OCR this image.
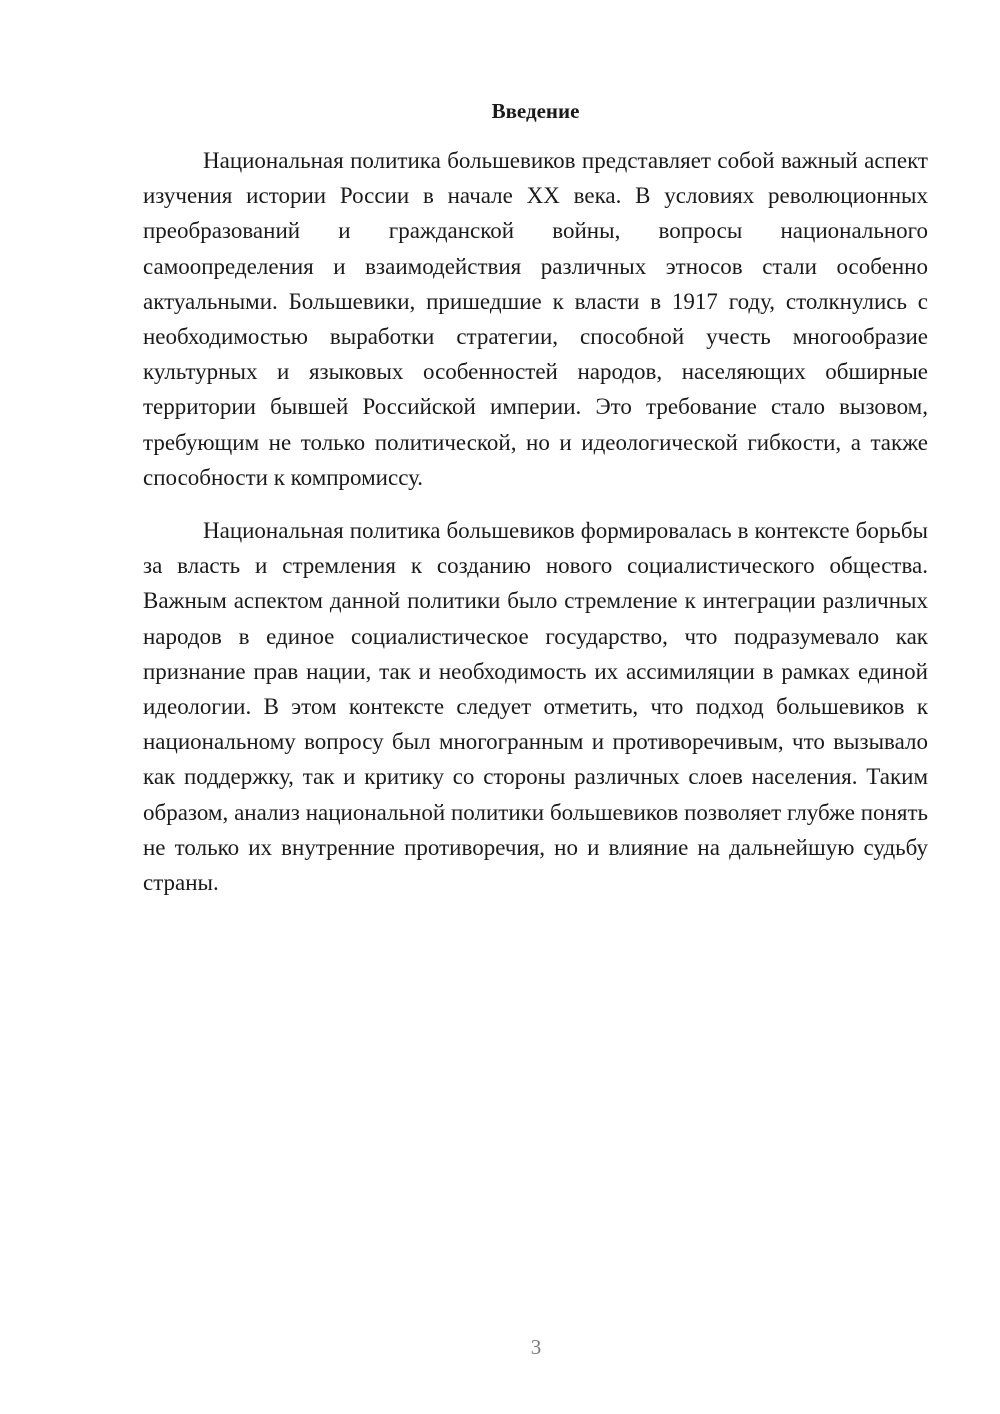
Введение

Национальная политика большевиков представляет собой важный аспект изучения истории России в начале XX века. В условиях революционных преобразований и гражданской войны, вопросы национального самоопределения и взаимодействия различных этносов стали особенно актуальными. Большевики, пришедшие к власти в 1917 году, столкнулись с необходимостью выработки стратегии, способной учесть многообразие культурных и языковых особенностей народов, населяющих обширные территории бывшей Российской империи. Это требование стало вызовом, требующим не только политической, но и идеологической гибкости, а также способности к компромиссу.

Национальная политика большевиков формировалась в контексте борьбы за власть и стремления к созданию нового социалистического общества. Важным аспектом данной политики было стремление к интеграции различных народов в единое социалистическое государство, что подразумевало как признание прав нации, так и необходимость их ассимиляции в рамках единой идеологии. В этом контексте следует отметить, что подход большевиков к национальному вопросу был многогранным и противоречивым, что вызывало как поддержку, так и критику со стороны различных слоев населения. Таким образом, анализ национальной политики большевиков позволяет глубже понять не только их внутренние противоречия, но и влияние на дальнейшую судьбу страны.

3
